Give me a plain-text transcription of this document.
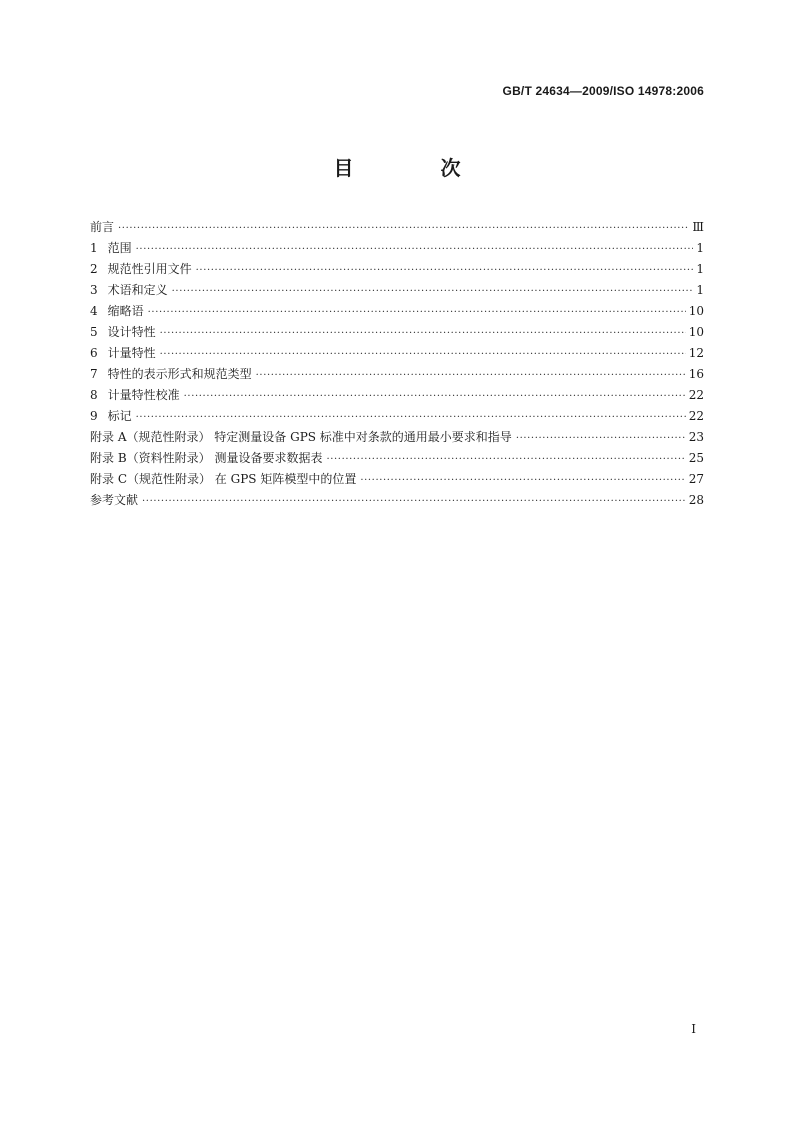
GB/T 24634—2009/ISO 14978:2006
目 次
前言 ·····	Ⅲ
1 范围 ·····	1
2 规范性引用文件 ·····	1
3 术语和定义 ·····	1
4 缩略语 ·····	10
5 设计特性 ·····	10
6 计量特性 ·····	12
7 特性的表示形式和规范类型 ·····	16
8 计量特性校准 ·····	22
9 标记 ·····	22
附录 A（规范性附录） 特定测量设备 GPS 标准中对条款的通用最小要求和指导 ·····	23
附录 B（资料性附录） 测量设备要求数据表 ·····	25
附录 C（规范性附录） 在 GPS 矩阵模型中的位置 ·····	27
参考文献 ·····	28
I
